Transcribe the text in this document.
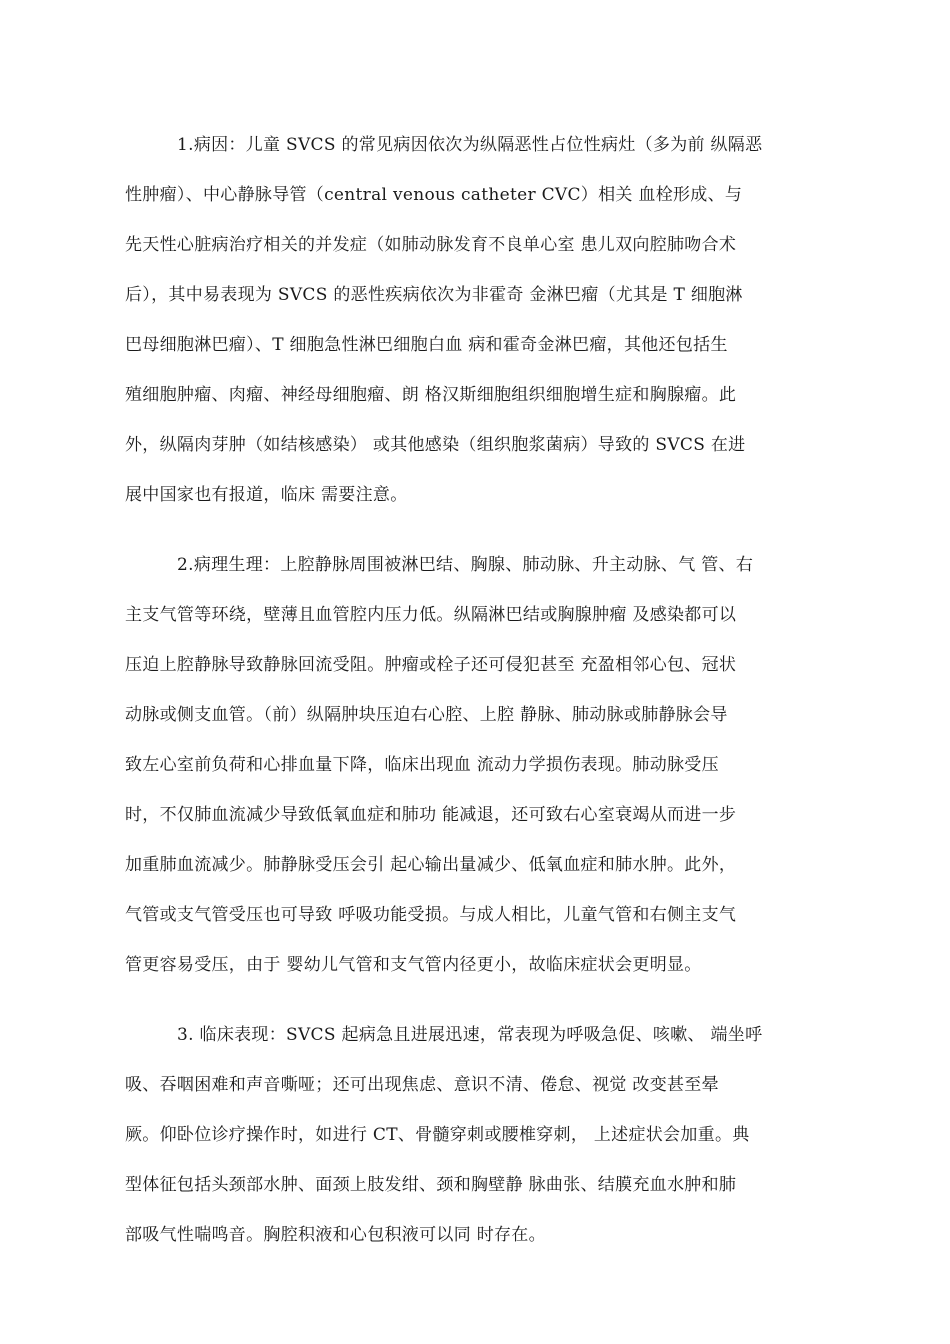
1.病因：儿童 SVCS 的常见病因依次为纵隔恶性占位性病灶（多为前 纵隔恶
性肿瘤）、中心静脉导管（central venous catheter CVC）相关 血栓形成、与
先天性心脏病治疗相关的并发症（如肺动脉发育不良单心室 患儿双向腔肺吻合术
后），其中易表现为 SVCS 的恶性疾病依次为非霍奇 金淋巴瘤（尤其是 T 细胞淋
巴母细胞淋巴瘤）、T 细胞急性淋巴细胞白血 病和霍奇金淋巴瘤，其他还包括生
殖细胞肿瘤、肉瘤、神经母细胞瘤、朗 格汉斯细胞组织细胞增生症和胸腺瘤。此
外，纵隔肉芽肿（如结核感染） 或其他感染（组织胞浆菌病）导致的 SVCS 在进
展中国家也有报道，临床 需要注意。
2.病理生理：上腔静脉周围被淋巴结、胸腺、肺动脉、升主动脉、气 管、右
主支气管等环绕，壁薄且血管腔内压力低。纵隔淋巴结或胸腺肿瘤 及感染都可以
压迫上腔静脉导致静脉回流受阻。肿瘤或栓子还可侵犯甚至 充盈相邻心包、冠状
动脉或侧支血管。（前）纵隔肿块压迫右心腔、上腔 静脉、肺动脉或肺静脉会导
致左心室前负荷和心排血量下降，临床出现血 流动力学损伤表现。肺动脉受压
时，不仅肺血流减少导致低氧血症和肺功 能减退，还可致右心室衰竭从而进一步
加重肺血流减少。肺静脉受压会引 起心输出量减少、低氧血症和肺水肿。此外，
气管或支气管受压也可导致 呼吸功能受损。与成人相比，儿童气管和右侧主支气
管更容易受压，由于 婴幼儿气管和支气管内径更小，故临床症状会更明显。
3. 临床表现：SVCS 起病急且进展迅速，常表现为呼吸急促、咳嗽、 端坐呼
吸、吞咽困难和声音嘶哑；还可出现焦虑、意识不清、倦怠、视觉 改变甚至晕
厥。仰卧位诊疗操作时，如进行 CT、骨髓穿刺或腰椎穿刺， 上述症状会加重。典
型体征包括头颈部水肿、面颈上肢发绀、颈和胸壁静 脉曲张、结膜充血水肿和肺
部吸气性喘鸣音。胸腔积液和心包积液可以同 时存在。
